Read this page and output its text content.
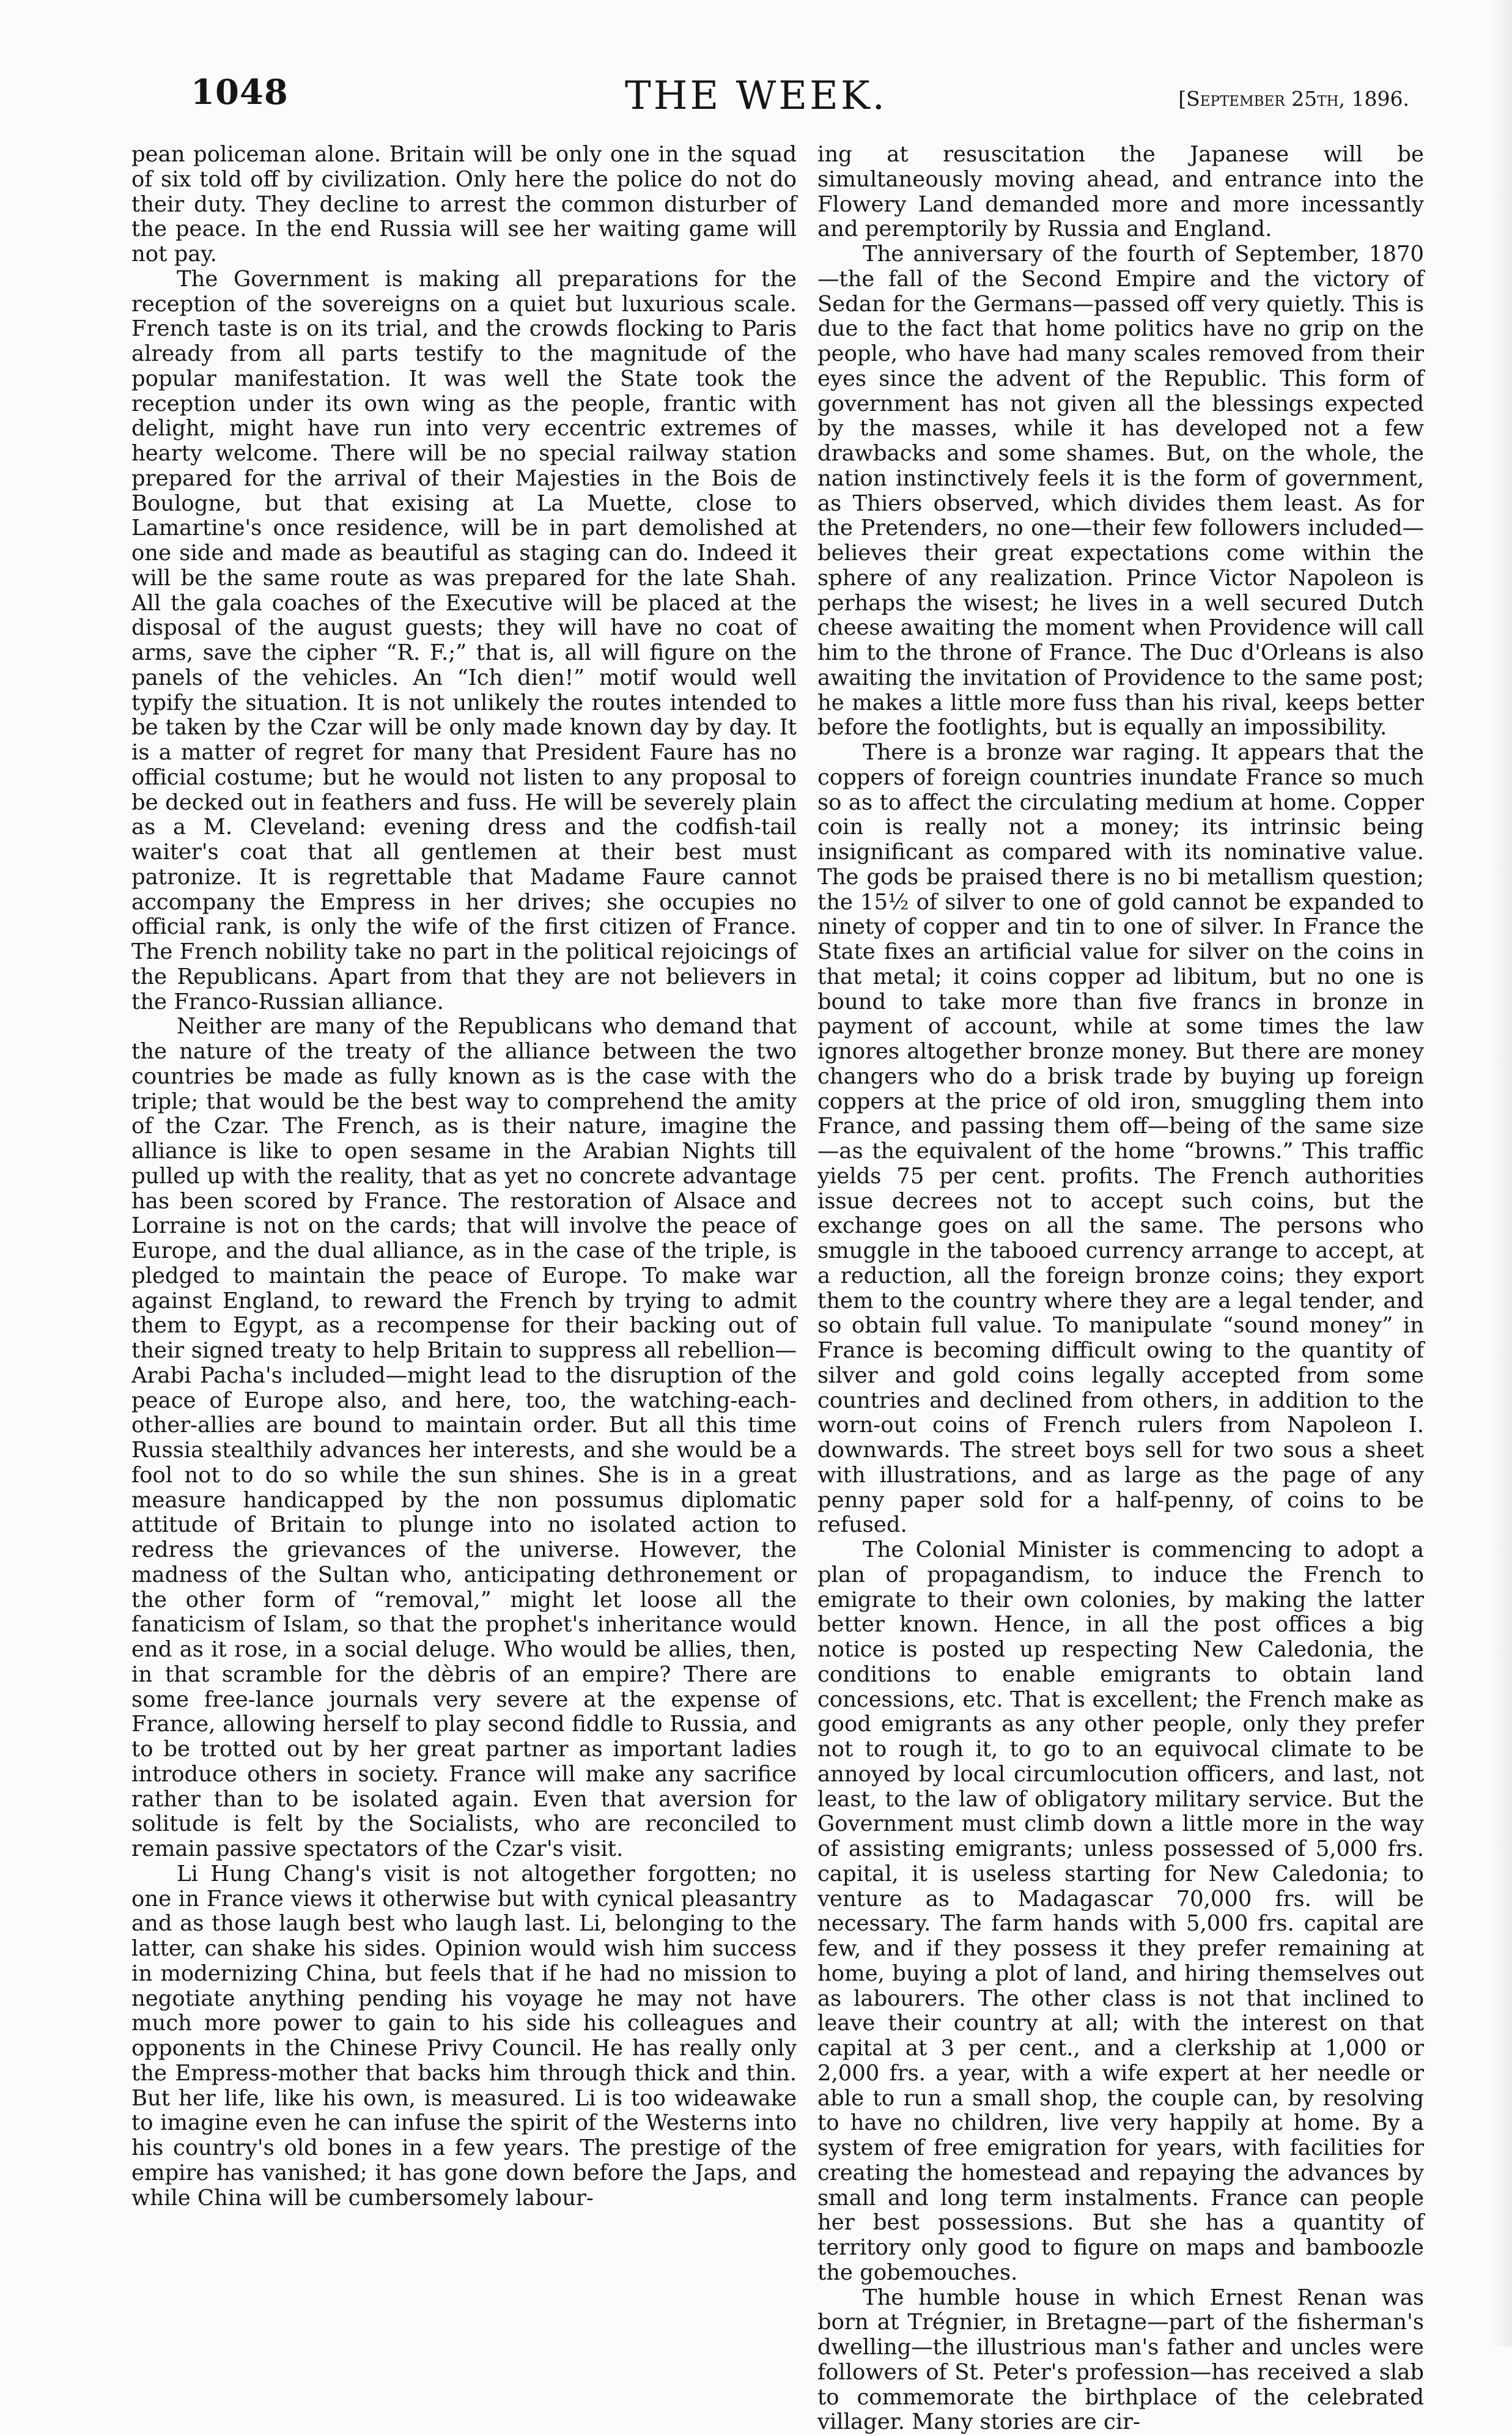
1048	THE WEEK.	[September 25th, 1896.

pean policeman alone. Britain will be only one in the squad of six told off by civilization. Only here the police do not do their duty. They decline to arrest the common disturber of the peace. In the end Russia will see her waiting game will not pay.

The Government is making all preparations for the reception of the sovereigns on a quiet but luxurious scale. French taste is on its trial, and the crowds flocking to Paris already from all parts testify to the magnitude of the popular manifestation. It was well the State took the reception under its own wing as the people, frantic with delight, might have run into very eccentric extremes of hearty welcome. There will be no special railway station prepared for the arrival of their Majesties in the Bois de Boulogne, but that exising at La Muette, close to Lamartine's once residence, will be in part demolished at one side and made as beautiful as staging can do. Indeed it will be the same route as was prepared for the late Shah. All the gala coaches of the Executive will be placed at the disposal of the august guests; they will have no coat of arms, save the cipher “R. F.;” that is, all will figure on the panels of the vehicles. An “Ich dien!” motif would well typify the situation. It is not unlikely the routes intended to be taken by the Czar will be only made known day by day. It is a matter of regret for many that President Faure has no official costume; but he would not listen to any proposal to be decked out in feathers and fuss. He will be severely plain as a M. Cleveland: evening dress and the codfish-tail waiter's coat that all gentlemen at their best must patronize. It is regrettable that Madame Faure cannot accompany the Empress in her drives; she occupies no official rank, is only the wife of the first citizen of France. The French nobility take no part in the political rejoicings of the Republicans. Apart from that they are not believers in the Franco-Russian alliance.

Neither are many of the Republicans who demand that the nature of the treaty of the alliance between the two countries be made as fully known as is the case with the triple; that would be the best way to comprehend the amity of the Czar. The French, as is their nature, imagine the alliance is like to open sesame in the Arabian Nights till pulled up with the reality, that as yet no concrete advantage has been scored by France. The restoration of Alsace and Lorraine is not on the cards; that will involve the peace of Europe, and the dual alliance, as in the case of the triple, is pledged to maintain the peace of Europe. To make war against England, to reward the French by trying to admit them to Egypt, as a recompense for their backing out of their signed treaty to help Britain to suppress all rebellion—Arabi Pacha's included—might lead to the disruption of the peace of Europe also, and here, too, the watching-each-other-allies are bound to maintain order. But all this time Russia stealthily advances her interests, and she would be a fool not to do so while the sun shines. She is in a great measure handicapped by the non possumus diplomatic attitude of Britain to plunge into no isolated action to redress the grievances of the universe. However, the madness of the Sultan who, anticipating dethronement or the other form of “removal,” might let loose all the fanaticism of Islam, so that the prophet's inheritance would end as it rose, in a social deluge. Who would be allies, then, in that scramble for the dèbris of an empire? There are some free-lance journals very severe at the expense of France, allowing herself to play second fiddle to Russia, and to be trotted out by her great partner as important ladies introduce others in society. France will make any sacrifice rather than to be isolated again. Even that aversion for solitude is felt by the Socialists, who are reconciled to remain passive spectators of the Czar's visit.

Li Hung Chang's visit is not altogether forgotten; no one in France views it otherwise but with cynical pleasantry and as those laugh best who laugh last. Li, belonging to the latter, can shake his sides. Opinion would wish him success in modernizing China, but feels that if he had no mission to negotiate anything pending his voyage he may not have much more power to gain to his side his colleagues and opponents in the Chinese Privy Council. He has really only the Empress-mother that backs him through thick and thin. But her life, like his own, is measured. Li is too wideawake to imagine even he can infuse the spirit of the Westerns into his country's old bones in a few years. The prestige of the empire has vanished; it has gone down before the Japs, and while China will be cumbersomely labour-

ing at resuscitation the Japanese will be simultaneously moving ahead, and entrance into the Flowery Land demanded more and more incessantly and peremptorily by Russia and England.

The anniversary of the fourth of September, 1870—the fall of the Second Empire and the victory of Sedan for the Germans—passed off very quietly. This is due to the fact that home politics have no grip on the people, who have had many scales removed from their eyes since the advent of the Republic. This form of government has not given all the blessings expected by the masses, while it has developed not a few drawbacks and some shames. But, on the whole, the nation instinctively feels it is the form of government, as Thiers observed, which divides them least. As for the Pretenders, no one—their few followers included—believes their great expectations come within the sphere of any realization. Prince Victor Napoleon is perhaps the wisest; he lives in a well secured Dutch cheese awaiting the moment when Providence will call him to the throne of France. The Duc d'Orleans is also awaiting the invitation of Providence to the same post; he makes a little more fuss than his rival, keeps better before the footlights, but is equally an impossibility.

There is a bronze war raging. It appears that the coppers of foreign countries inundate France so much so as to affect the circulating medium at home. Copper coin is really not a money; its intrinsic being insignificant as compared with its nominative value. The gods be praised there is no bi metallism question; the 15½ of silver to one of gold cannot be expanded to ninety of copper and tin to one of silver. In France the State fixes an artificial value for silver on the coins in that metal; it coins copper ad libitum, but no one is bound to take more than five francs in bronze in payment of account, while at some times the law ignores altogether bronze money. But there are money changers who do a brisk trade by buying up foreign coppers at the price of old iron, smuggling them into France, and passing them off—being of the same size—as the equivalent of the home “browns.” This traffic yields 75 per cent. profits. The French authorities issue decrees not to accept such coins, but the exchange goes on all the same. The persons who smuggle in the tabooed currency arrange to accept, at a reduction, all the foreign bronze coins; they export them to the country where they are a legal tender, and so obtain full value. To manipulate “sound money” in France is becoming difficult owing to the quantity of silver and gold coins legally accepted from some countries and declined from others, in addition to the worn-out coins of French rulers from Napoleon I. downwards. The street boys sell for two sous a sheet with illustrations, and as large as the page of any penny paper sold for a half-penny, of coins to be refused.

The Colonial Minister is commencing to adopt a plan of propagandism, to induce the French to emigrate to their own colonies, by making the latter better known. Hence, in all the post offices a big notice is posted up respecting New Caledonia, the conditions to enable emigrants to obtain land concessions, etc. That is excellent; the French make as good emigrants as any other people, only they prefer not to rough it, to go to an equivocal climate to be annoyed by local circumlocution officers, and last, not least, to the law of obligatory military service. But the Government must climb down a little more in the way of assisting emigrants; unless possessed of 5,000 frs. capital, it is useless starting for New Caledonia; to venture as to Madagascar 70,000 frs. will be necessary. The farm hands with 5,000 frs. capital are few, and if they possess it they prefer remaining at home, buying a plot of land, and hiring themselves out as labourers. The other class is not that inclined to leave their country at all; with the interest on that capital at 3 per cent., and a clerkship at 1,000 or 2,000 frs. a year, with a wife expert at her needle or able to run a small shop, the couple can, by resolving to have no children, live very happily at home. By a system of free emigration for years, with facilities for creating the homestead and repaying the advances by small and long term instalments. France can people her best possessions. But she has a quantity of territory only good to figure on maps and bamboozle the gobemouches.

The humble house in which Ernest Renan was born at Trégnier, in Bretagne—part of the fisherman's dwelling—the illustrious man's father and uncles were followers of St. Peter's profession—has received a slab to commemorate the birthplace of the celebrated villager. Many stories are cir-
